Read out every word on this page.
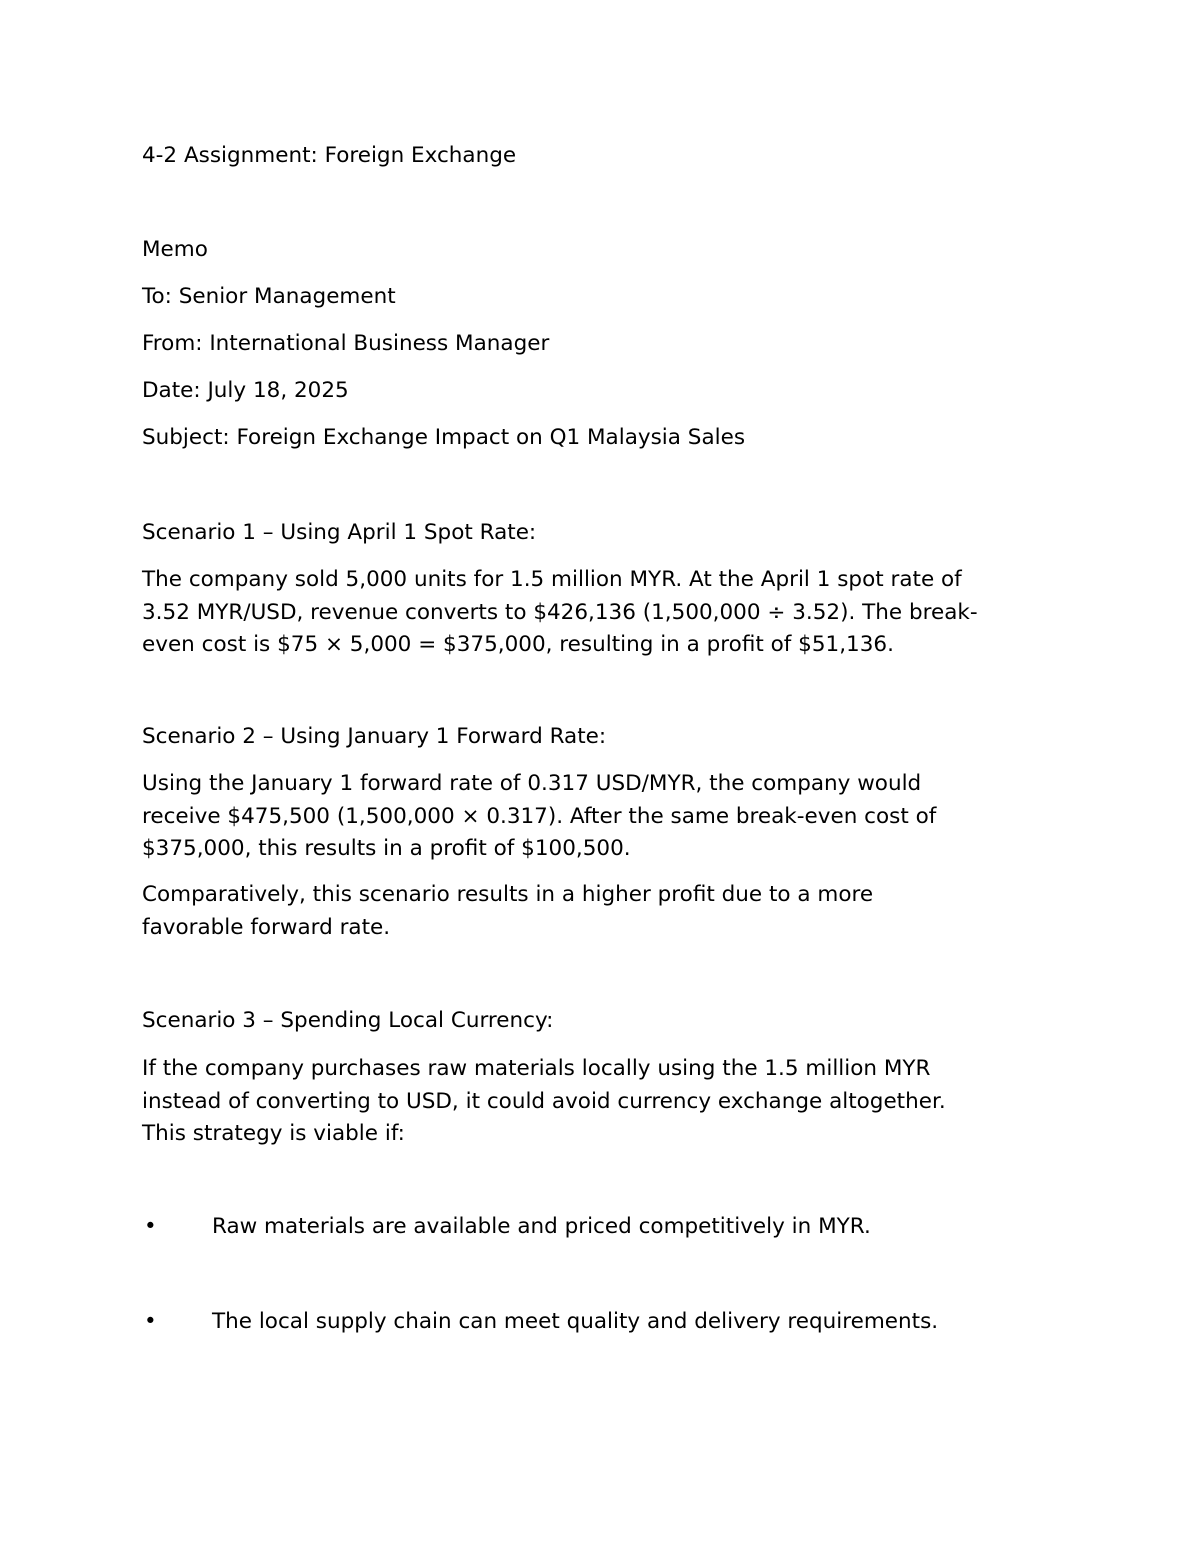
4-2 Assignment: Foreign Exchange
Memo
To: Senior Management
From: International Business Manager
Date: July 18, 2025
Subject: Foreign Exchange Impact on Q1 Malaysia Sales
Scenario 1 – Using April 1 Spot Rate:
The company sold 5,000 units for 1.5 million MYR. At the April 1 spot rate of
3.52 MYR/USD, revenue converts to $426,136 (1,500,000 ÷ 3.52). The break-
even cost is $75 × 5,000 = $375,000, resulting in a profit of $51,136.
Scenario 2 – Using January 1 Forward Rate:
Using the January 1 forward rate of 0.317 USD/MYR, the company would
receive $475,500 (1,500,000 × 0.317). After the same break-even cost of
$375,000, this results in a profit of $100,500.
Comparatively, this scenario results in a higher profit due to a more
favorable forward rate.
Scenario 3 – Spending Local Currency:
If the company purchases raw materials locally using the 1.5 million MYR
instead of converting to USD, it could avoid currency exchange altogether.
This strategy is viable if:
•	Raw materials are available and priced competitively in MYR.
•	The local supply chain can meet quality and delivery requirements.
